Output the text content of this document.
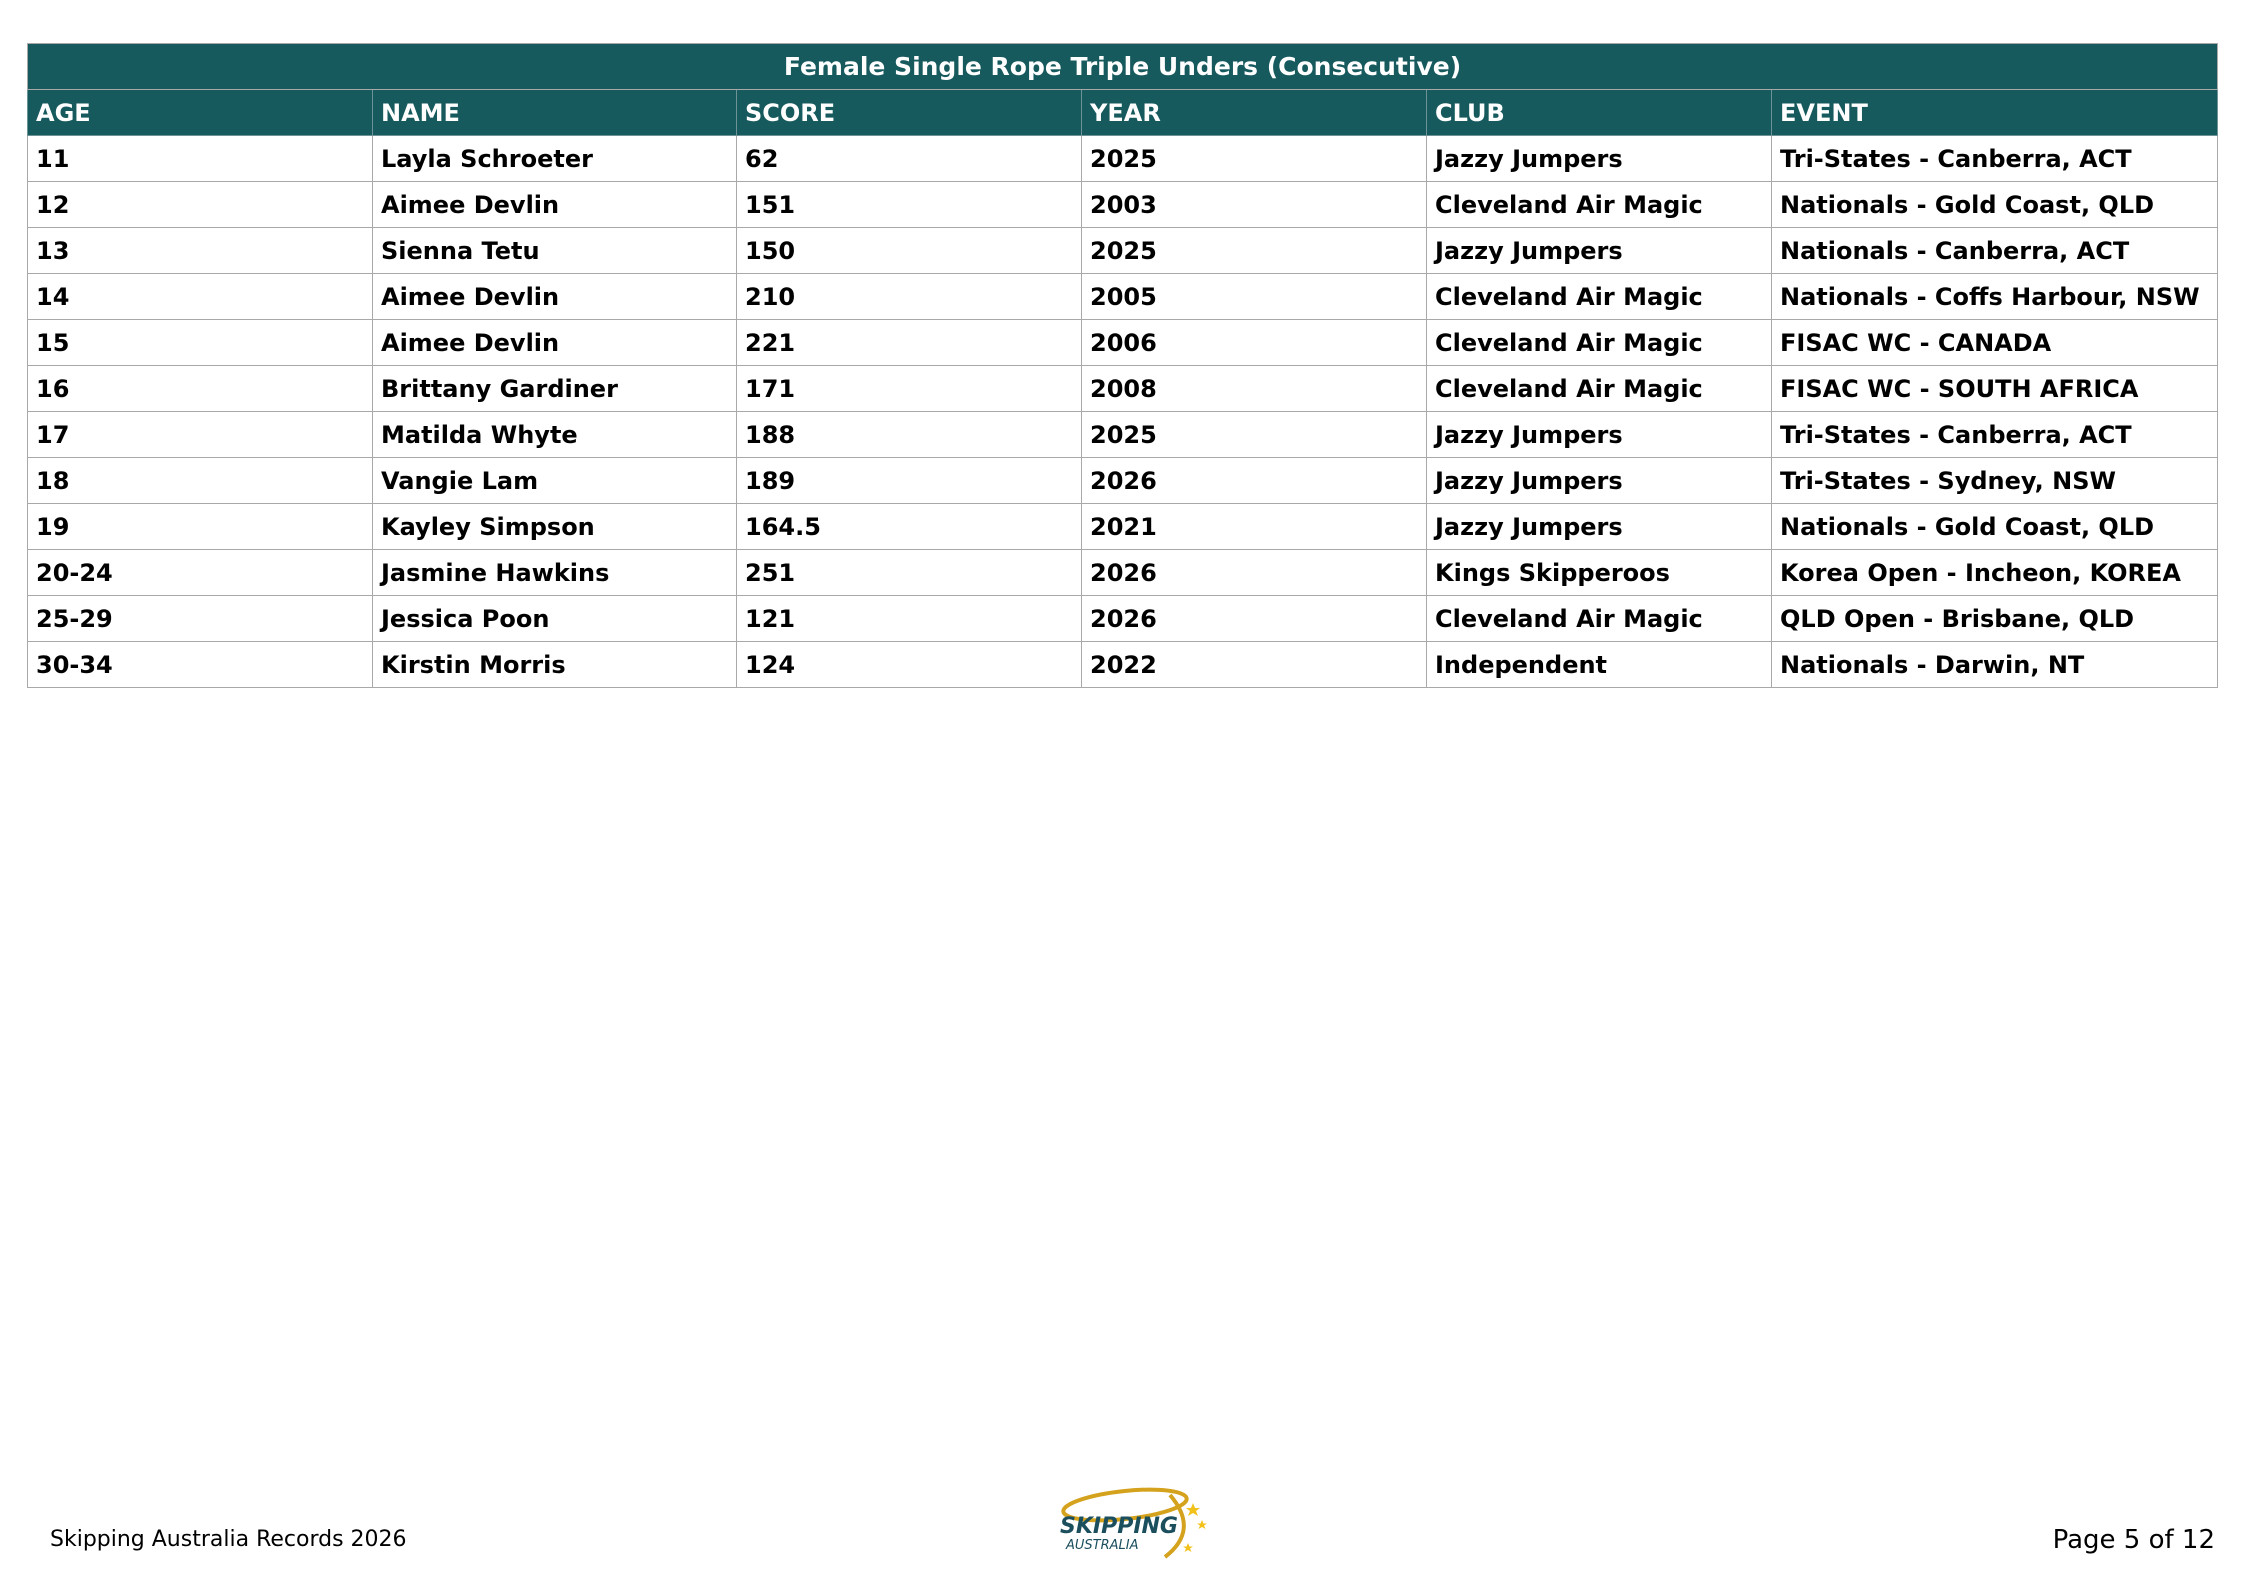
Female Single Rope Triple Unders (Consecutive)					
AGE	NAME	SCORE	YEAR	CLUB	EVENT
11	Layla Schroeter	62	2025	Jazzy Jumpers	Tri-States - Canberra, ACT
12	Aimee Devlin	151	2003	Cleveland Air Magic	Nationals - Gold Coast, QLD
13	Sienna Tetu	150	2025	Jazzy Jumpers	Nationals - Canberra, ACT
14	Aimee Devlin	210	2005	Cleveland Air Magic	Nationals - Coffs Harbour, NSW
15	Aimee Devlin	221	2006	Cleveland Air Magic	FISAC WC - CANADA
16	Brittany Gardiner	171	2008	Cleveland Air Magic	FISAC WC - SOUTH AFRICA
17	Matilda Whyte	188	2025	Jazzy Jumpers	Tri-States - Canberra, ACT
18	Vangie Lam	189	2026	Jazzy Jumpers	Tri-States - Sydney, NSW
19	Kayley Simpson	164.5	2021	Jazzy Jumpers	Nationals - Gold Coast, QLD
20-24	Jasmine Hawkins	251	2026	Kings Skipperoos	Korea Open - Incheon, KOREA
25-29	Jessica Poon	121	2026	Cleveland Air Magic	QLD Open - Brisbane, QLD
30-34	Kirstin Morris	124	2022	Independent	Nationals - Darwin, NT
Skipping Australia Records 2026
SKIPPING
AUSTRALIA	Page 5 of 12
